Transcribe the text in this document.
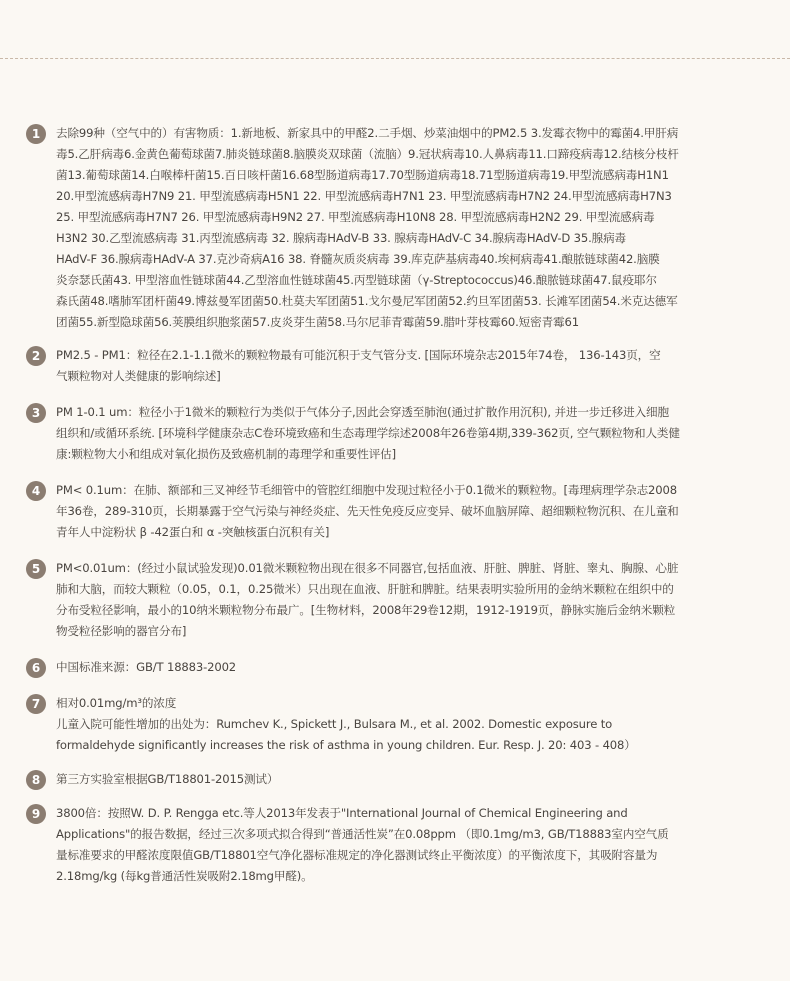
1	去除99种（空气中的）有害物质：1.新地板、新家具中的甲醛2.二手烟、炒菜油烟中的PM2.5 3.发霉衣物中的霉菌4.甲肝病
毒5.乙肝病毒6.金黄色葡萄球菌7.肺炎链球菌8.脑膜炎双球菌（流脑）9.冠状病毒10.人鼻病毒11.口蹄疫病毒12.结核分枝杆
菌13.葡萄球菌14.白喉棒杆菌15.百日咳杆菌16.68型肠道病毒17.70型肠道病毒18.71型肠道病毒19.甲型流感病毒H1N1
20.甲型流感病毒H7N9 21. 甲型流感病毒H5N1 22. 甲型流感病毒H7N1 23. 甲型流感病毒H7N2 24.甲型流感病毒H7N3
25. 甲型流感病毒H7N7 26. 甲型流感病毒H9N2 27. 甲型流感病毒H10N8 28. 甲型流感病毒H2N2 29. 甲型流感病毒
H3N2 30.乙型流感病毒 31.丙型流感病毒 32. 腺病毒HAdV-B 33. 腺病毒HAdV-C 34.腺病毒HAdV-D 35.腺病毒
HAdV-F 36.腺病毒HAdV-A 37.克沙奇病A16 38. 脊髓灰质炎病毒 39.库克萨基病毒40.埃柯病毒41.酿脓链球菌42.脑膜
炎奈瑟氏菌43. 甲型溶血性链球菌44.乙型溶血性链球菌45.丙型链球菌（γ-Streptococcus)46.酿脓链球菌47.鼠疫耶尔
森氏菌48.嗜肺军团杆菌49.博兹曼军团菌50.杜莫夫军团菌51.戈尔曼尼军团菌52.约旦军团菌53. 长滩军团菌54.米克达德军
团菌55.新型隐球菌56.荚膜组织胞浆菌57.皮炎芽生菌58.马尔尼菲青霉菌59.腊叶芽枝霉60.短密青霉61
2	PM2.5 - PM1：粒径在2.1-1.1微米的颗粒物最有可能沉积于支气管分支. [国际环境杂志2015年74卷， 136-143页，空
气颗粒物对人类健康的影响综述]
3	PM 1-0.1 um：粒径小于1微米的颗粒行为类似于气体分子,因此会穿透至肺泡(通过扩散作用沉积), 并进一步迁移进入细胞
组织和/或循环系统. [环境科学健康杂志C卷环境致癌和生态毒理学综述2008年26卷第4期,339-362页, 空气颗粒物和人类健
康:颗粒物大小和组成对氧化损伤及致癌机制的毒理学和重要性评估]
4	PM< 0.1um：在肺、额部和三叉神经节毛细管中的管腔红细胞中发现过粒径小于0.1微米的颗粒物。[毒理病理学杂志2008
年36卷，289-310页，长期暴露于空气污染与神经炎症、先天性免疫反应变异、破坏血脑屏障、超细颗粒物沉积、在儿童和
青年人中淀粉状 β -42蛋白和 α -突触核蛋白沉积有关]
5	PM<0.01um：(经过小鼠试验发现)0.01微米颗粒物出现在很多不同器官,包括血液、肝脏、脾脏、肾脏、睾丸、胸腺、心脏
肺和大脑，而较大颗粒（0.05，0.1，0.25微米）只出现在血液、肝脏和脾脏。结果表明实验所用的金纳米颗粒在组织中的
分布受粒径影响，最小的10纳米颗粒物分布最广。[生物材料，2008年29卷12期，1912-1919页，静脉实施后金纳米颗粒
物受粒径影响的器官分布]
6	中国标准来源：GB/T 18883-2002
7	相对0.01mg/m³的浓度
儿童入院可能性增加的出处为：Rumchev K., Spickett J., Bulsara M., et al. 2002. Domestic exposure to
formaldehyde significantly increases the risk of asthma in young children. Eur. Resp. J. 20: 403 - 408）
8	第三方实验室根据GB/T18801-2015测试）
9	3800倍：按照W. D. P. Rengga etc.等人2013年发表于"International Journal of Chemical Engineering and
Applications"的报告数据，经过三次多项式拟合得到“普通活性炭”在0.08ppm （即0.1mg/m3, GB/T18883室内空气质
量标准要求的甲醛浓度限值GB/T18801空气净化器标准规定的净化器测试终止平衡浓度）的平衡浓度下，其吸附容量为
2.18mg/kg (每kg普通活性炭吸附2.18mg甲醛)。
